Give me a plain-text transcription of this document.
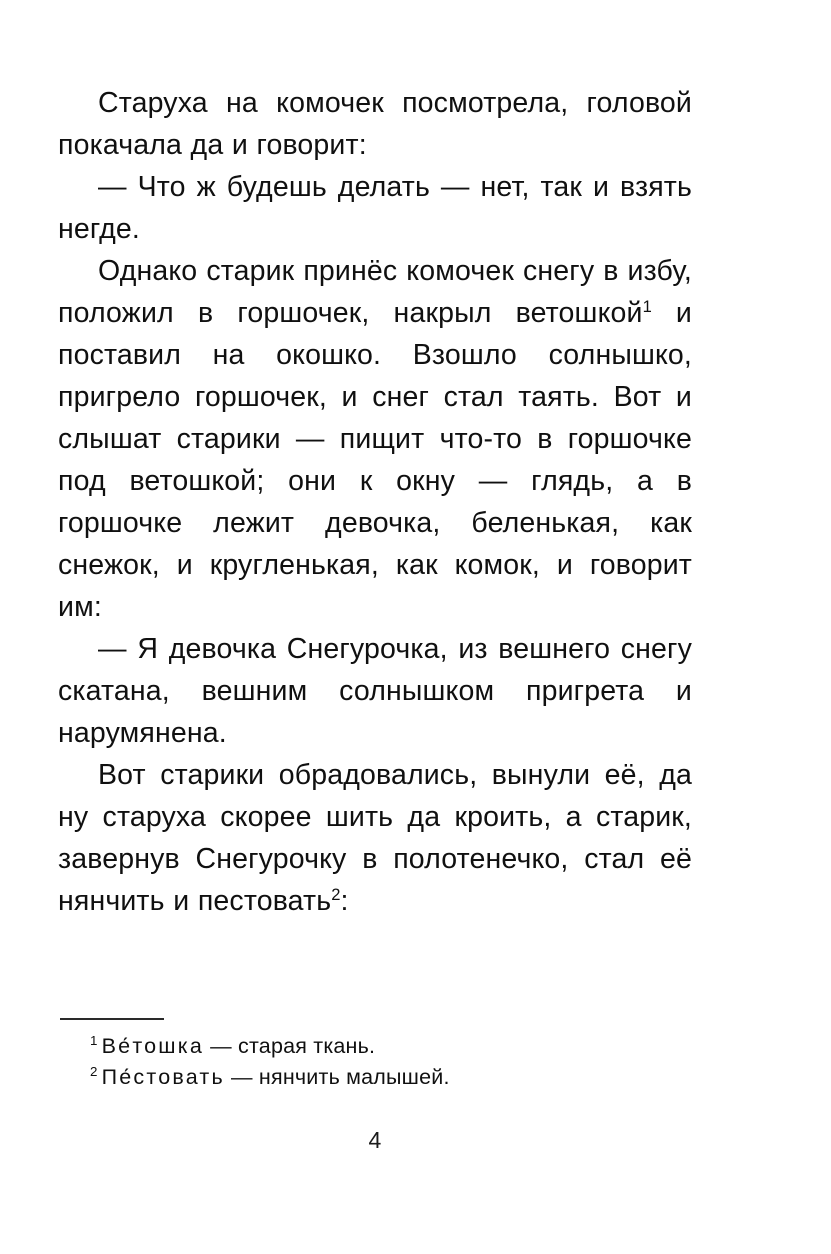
Старуха на комочек посмотрела, головой покачала да и говорит:

— Что ж будешь делать — нет, так и взять негде.

Однако старик принёс комочек снегу в избу, положил в горшочек, накрыл ветошкой$^1$ и поставил на окошко. Взошло солнышко, пригрело горшочек, и снег стал таять. Вот и слышат старики — пищит что-то в горшочке под ветошкой; они к окну — глядь, а в горшочке лежит девочка, беленькая, как снежок, и кругленькая, как комок, и говорит им:

— Я девочка Снегурочка, из вешнего снегу скатана, вешним солнышком пригрета и нарумянена.

Вот старики обрадовались, вынули её, да ну старуха скорее шить да кроить, а старик, завернув Снегурочку в полотенечко, стал её нянчить и пестовать$^2$:

$^1$ Ве́тошка — старая ткань.

$^2$ Пе́стовать — нянчить малышей.

4
